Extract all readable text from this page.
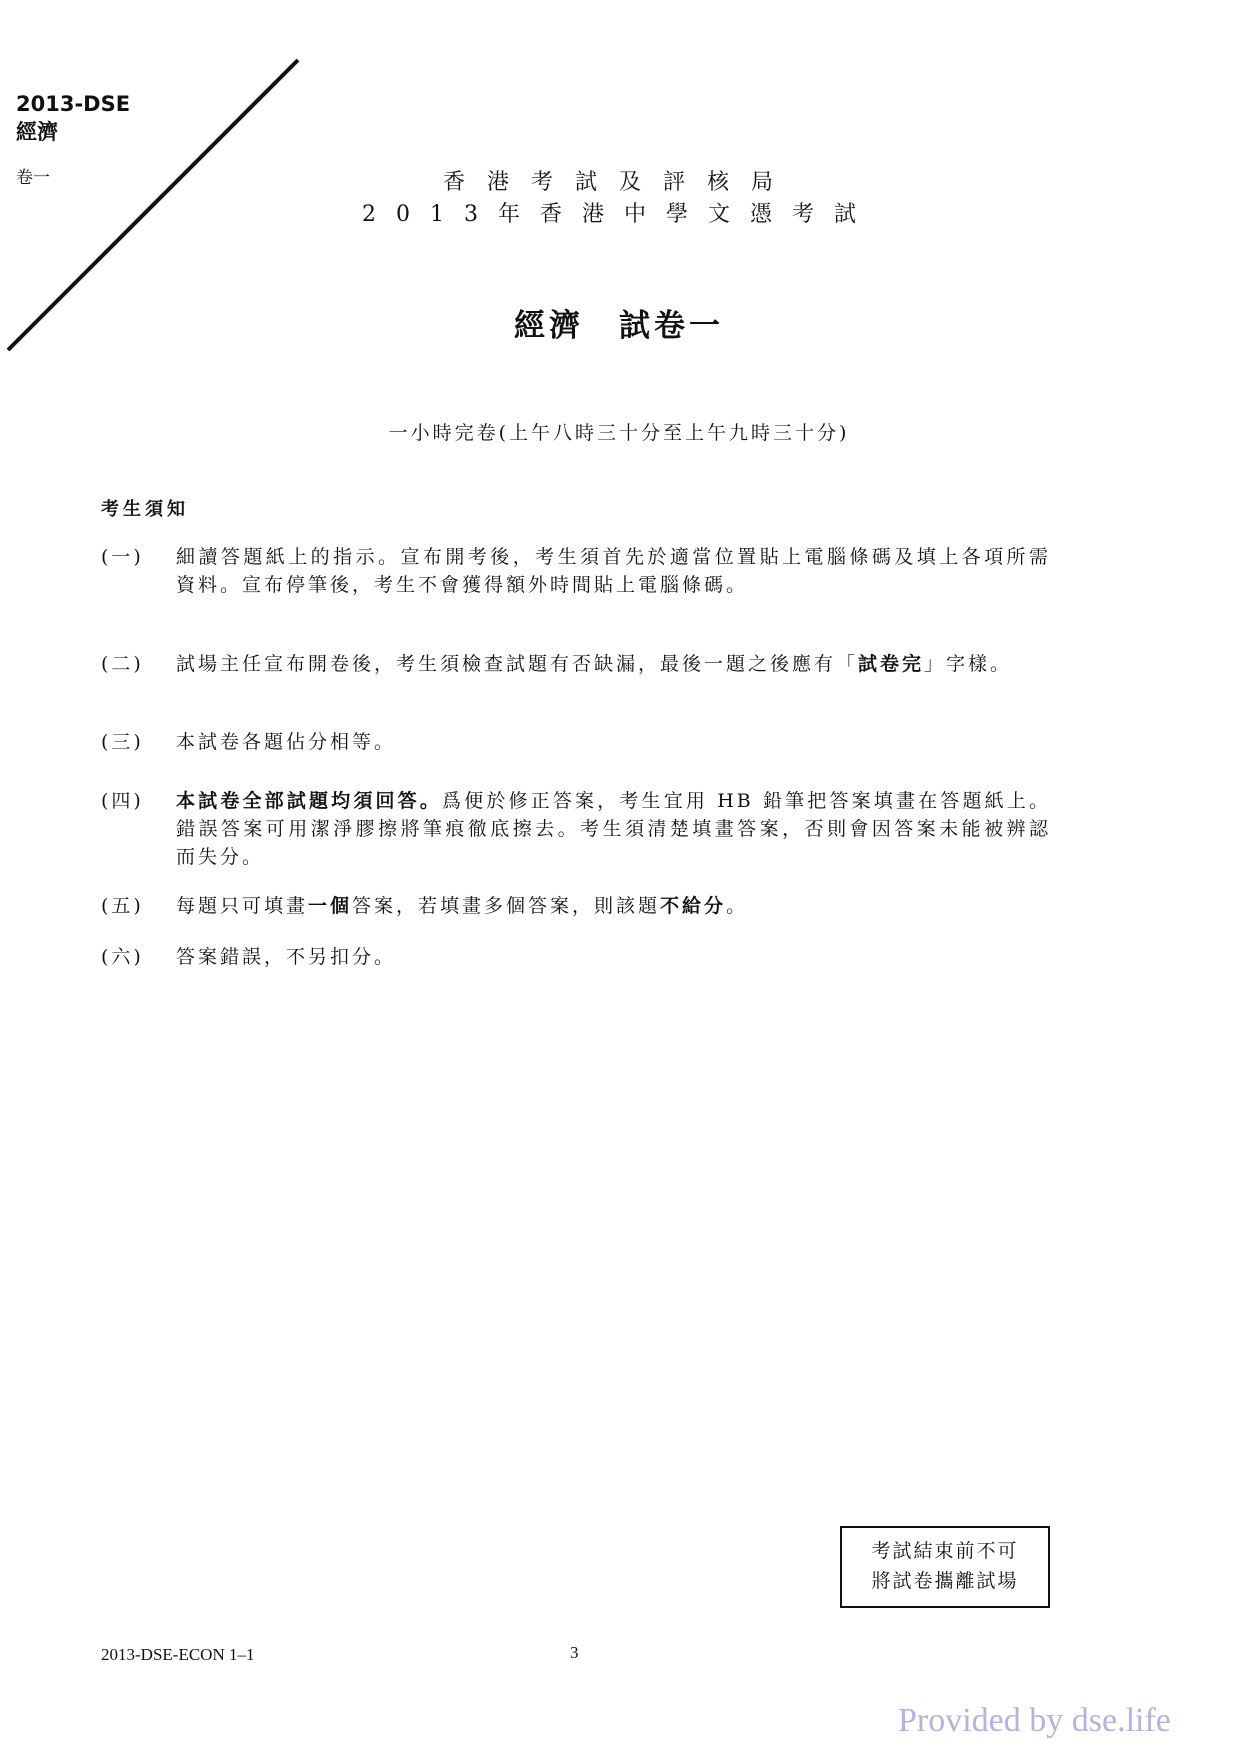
2013-DSE
經濟
卷一	香港考試及評核局
2013年香港中學文憑考試
經濟　試卷一
一小時完卷(上午八時三十分至上午九時三十分)
考生須知
(一)	細讀答題紙上的指示。宣布開考後，考生須首先於適當位置貼上電腦條碼及填上各項所需資料。宣布停筆後，考生不會獲得額外時間貼上電腦條碼。
(二)	試場主任宣布開卷後，考生須檢查試題有否缺漏，最後一題之後應有「試卷完」字樣。
(三)	本試卷各題佔分相等。
(四)	本試卷全部試題均須回答。爲便於修正答案，考生宜用 HB 鉛筆把答案填畫在答題紙上。錯誤答案可用潔淨膠擦將筆痕徹底擦去。考生須清楚填畫答案，否則會因答案未能被辨認而失分。
(五)	每題只可填畫一個答案，若填畫多個答案，則該題不給分。
(六)	答案錯誤，不另扣分。
考試結束前不可
將試卷攜離試場
2013-DSE-ECON 1–1	3
Provided by dse.life
